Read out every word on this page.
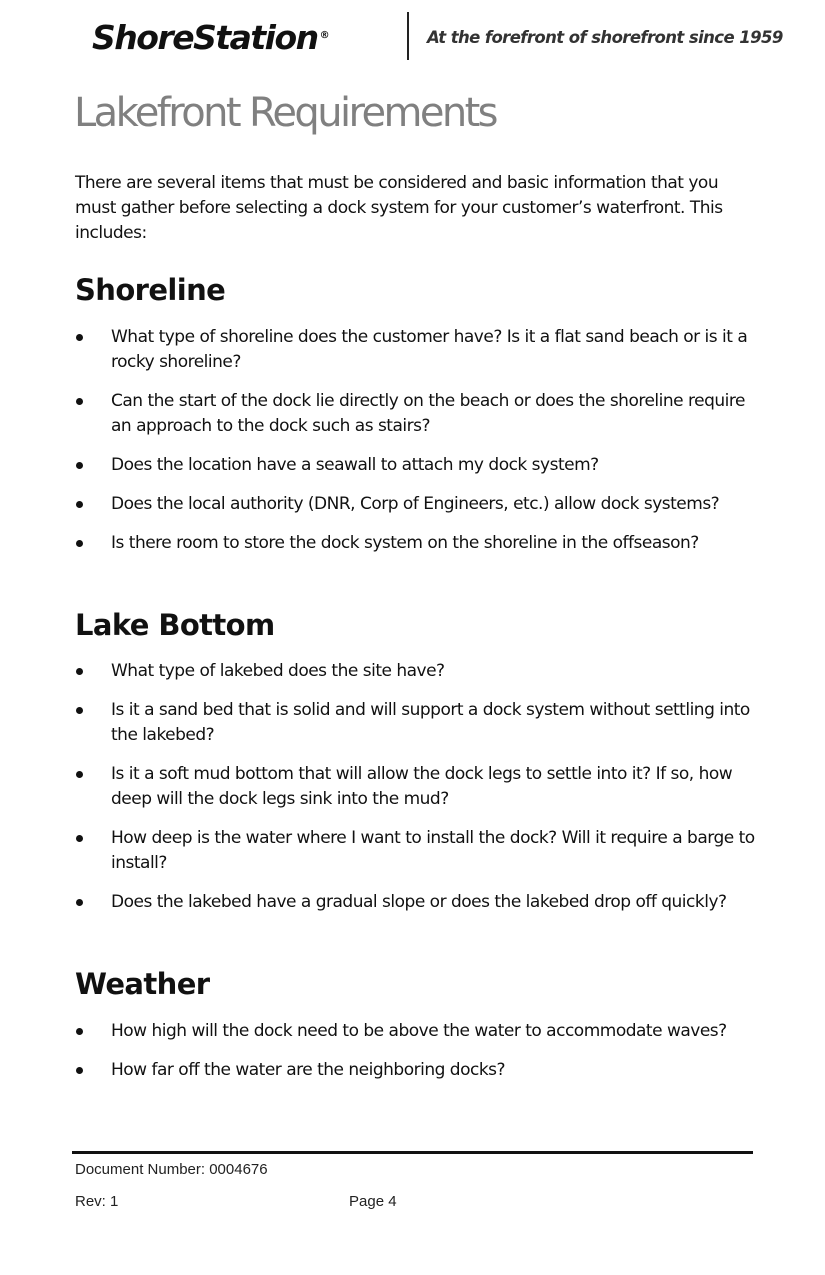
ShoreStation ®	At the forefront of shorefront since 1959
Lakefront Requirements

There are several items that must be considered and basic information that you must gather before selecting a dock system for your customer’s waterfront. This includes:

Shoreline
What type of shoreline does the customer have? Is it a flat sand beach or is it a rocky shoreline?
Can the start of the dock lie directly on the beach or does the shoreline require an approach to the dock such as stairs?
Does the location have a seawall to attach my dock system?
Does the local authority (DNR, Corp of Engineers, etc.) allow dock systems?
Is there room to store the dock system on the shoreline in the offseason?
Lake Bottom
What type of lakebed does the site have?
Is it a sand bed that is solid and will support a dock system without settling into the lakebed?
Is it a soft mud bottom that will allow the dock legs to settle into it? If so, how deep will the dock legs sink into the mud?
How deep is the water where I want to install the dock? Will it require a barge to install?
Does the lakebed have a gradual slope or does the lakebed drop off quickly?
Weather
How high will the dock need to be above the water to accommodate waves?
How far off the water are the neighboring docks?
Document Number: 0004676
Rev: 1	Page 4
